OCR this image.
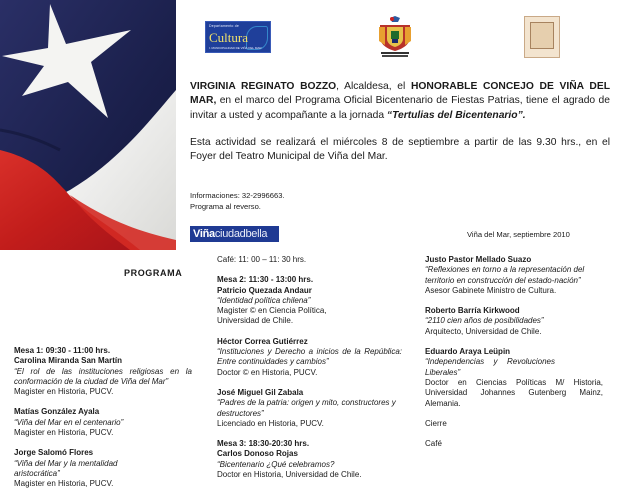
Departamento de
Cultura
I. MUNICIPALIDAD DE VIÑA DEL MAR

VIRGINIA REGINATO BOZZO, Alcaldesa, el HONORABLE CONCEJO DE VIÑA DEL MAR, en el marco del Programa Oficial Bicentenario de Fiestas Patrias, tiene el agrado de invitar a usted y acompañante a la jornada “Tertulias del Bicentenario”.

Esta actividad se realizará el miércoles 8 de septiembre a partir de las 9.30 hrs., en el Foyer del Teatro Municipal de Viña del Mar.

Informaciones: 32-2996663.
Programa al reverso.
Viñaciudadbella	Viña del Mar, septiembre 2010
PROGRAMA
Mesa 1: 09:30 - 11:00 hrs.
Carolina Miranda San Martín
“El rol de las instituciones religiosas en la conformación de la ciudad de Viña del Mar”
Magister en Historia, PUCV.
Matías González Ayala
“Viña del Mar en el centenario”
Magister en Historia, PUCV.
Jorge Salomó Flores
“Viña del Mar y la mentalidad aristocrática”
Magister en Historia, PUCV.
Café: 11: 00 – 11: 30 hrs.
Mesa 2: 11:30 - 13:00 hrs.
Patricio Quezada Andaur
“Identidad política chilena”
Magister © en Ciencia Política, Universidad de Chile.
Héctor Correa Gutiérrez
“Instituciones y Derecho a inicios de la República: Entre continuidades y cambios”
Doctor © en Historia, PUCV.
José Miguel Gil Zabala
“Padres de la patria: origen y mito, constructores y destructores”
Licenciado en Historia, PUCV.
Mesa 3: 18:30-20:30 hrs.
Carlos Donoso Rojas
“Bicentenario ¿Qué celebramos?
Doctor en Historia, Universidad de Chile.
Justo Pastor Mellado Suazo
“Reflexiones en torno a la representación del territorio en construcción del estado-nación”
Asesor Gabinete Ministro de Cultura.
Roberto Barría Kirkwood
“2110 cien años de posibilidades”
Arquitecto, Universidad de Chile.
Eduardo Araya Leüpin
“Independencias y Revoluciones Liberales”
Doctor en Ciencias Políticas M/ Historia, Universidad Johannes Gutenberg Mainz, Alemania.
Cierre
Café
